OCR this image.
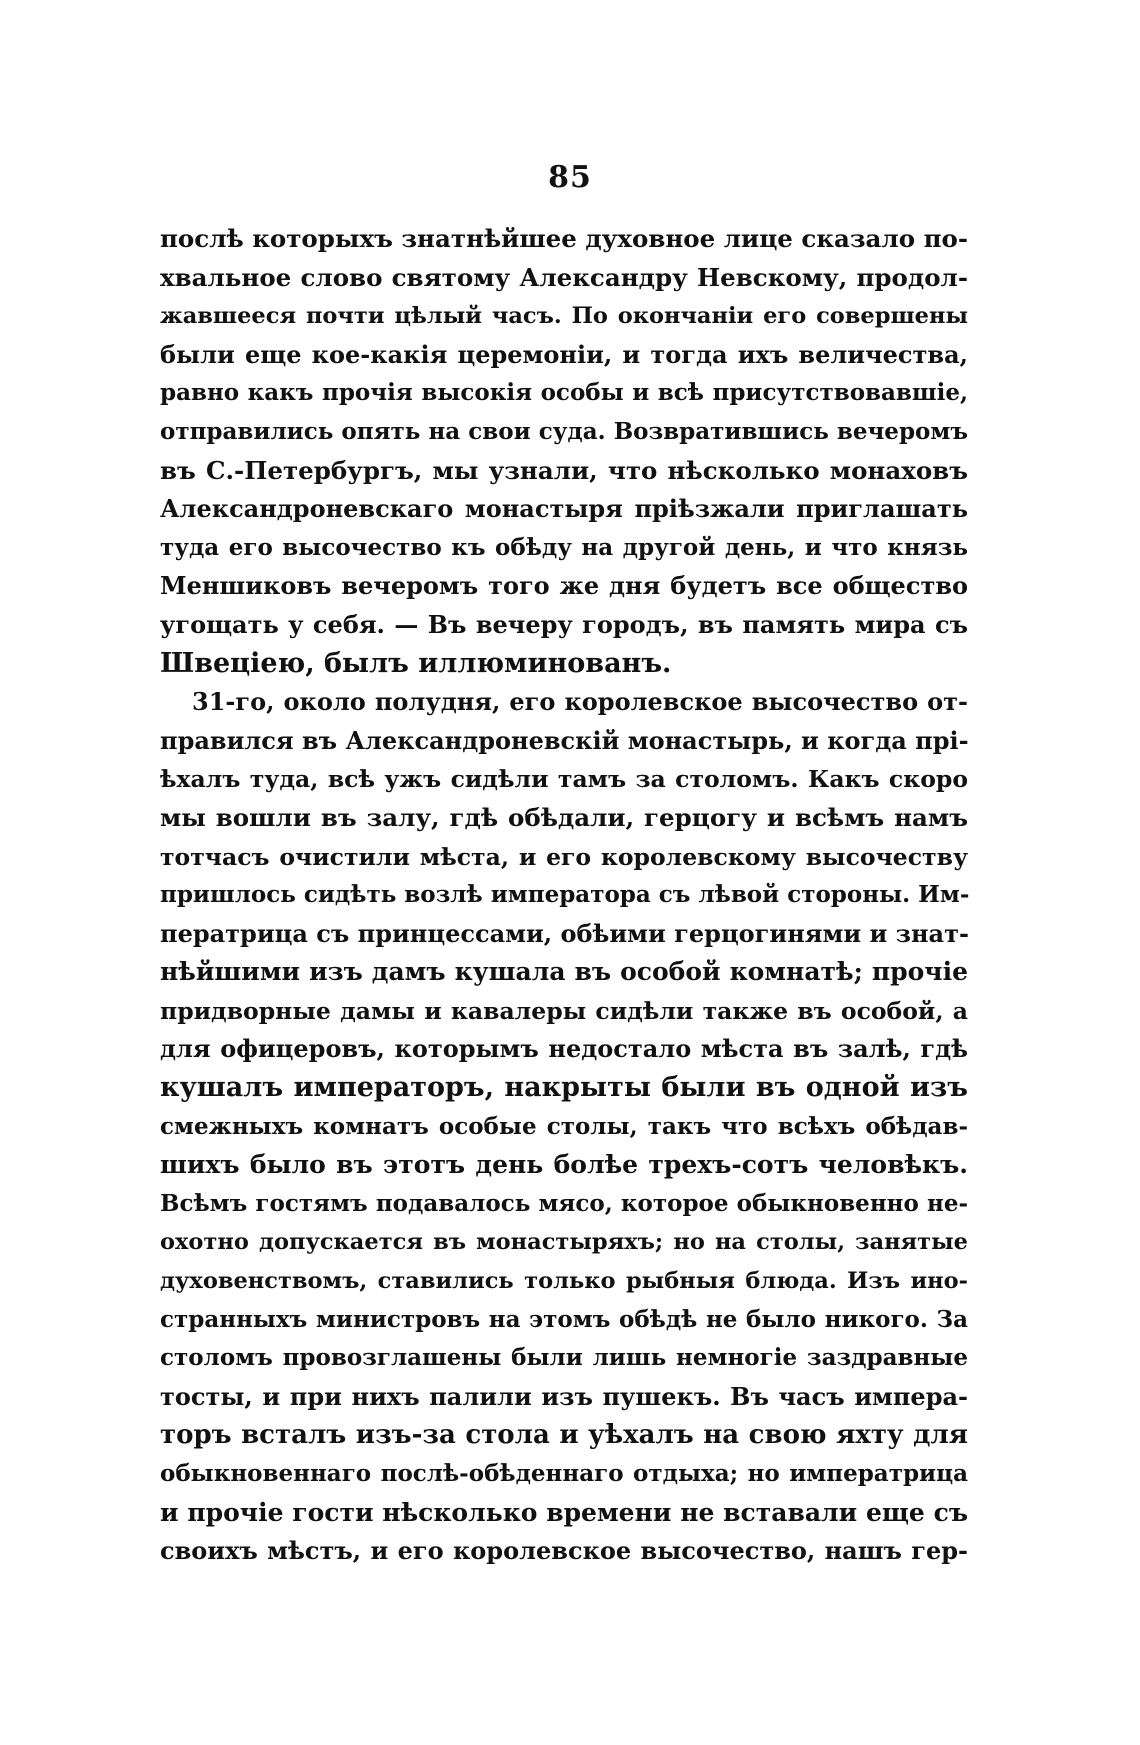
85
послѣ которыхъ знатнѣйшее духовное лице сказало по-
хвальное слово святому Александру Невскому, продол-
жавшееся почти цѣлый часъ. По окончаніи его совершены
были еще кое-какія церемоніи, и тогда ихъ величества,
равно какъ прочія высокія особы и всѣ присутствовавшіе,
отправились опять на свои суда. Возвратившись вечеромъ
въ С.-Петербургъ, мы узнали, что нѣсколько монаховъ
Александроневскаго монастыря пріѣзжали приглашать
туда его высочество къ обѣду на другой день, и что князь
Меншиковъ вечеромъ того же дня будетъ все общество
угощать у себя. — Въ вечеру городъ, въ память мира съ
Швеціею, былъ иллюминованъ.
31-го, около полудня, его королевское высочество от-
правился въ Александроневскій монастырь, и когда прі-
ѣхалъ туда, всѣ ужъ сидѣли тамъ за столомъ. Какъ скоро
мы вошли въ залу, гдѣ обѣдали, герцогу и всѣмъ намъ
тотчасъ очистили мѣста, и его королевскому высочеству
пришлось сидѣть возлѣ императора съ лѣвой стороны. Им-
ператрица съ принцессами, обѣими герцогинями и знат-
нѣйшими изъ дамъ кушала въ особой комнатѣ; прочіе
придворные дамы и кавалеры сидѣли также въ особой, а
для офицеровъ, которымъ недостало мѣста въ залѣ, гдѣ
кушалъ императоръ, накрыты были въ одной изъ
смежныхъ комнатъ особые столы, такъ что всѣхъ обѣдав-
шихъ было въ этотъ день болѣе трехъ-сотъ человѣкъ.
Всѣмъ гостямъ подавалось мясо, которое обыкновенно не-
охотно допускается въ монастыряхъ; но на столы, занятые
духовенствомъ, ставились только рыбныя блюда. Изъ ино-
странныхъ министровъ на этомъ обѣдѣ не было никого. За
столомъ провозглашены были лишь немногіе заздравные
тосты, и при нихъ палили изъ пушекъ. Въ часъ импера-
торъ всталъ изъ-за стола и уѣхалъ на свою яхту для
обыкновеннаго послѣ-обѣденнаго отдыха; но императрица
и прочіе гости нѣсколько времени не вставали еще съ
своихъ мѣстъ, и его королевское высочество, нашъ гер-
